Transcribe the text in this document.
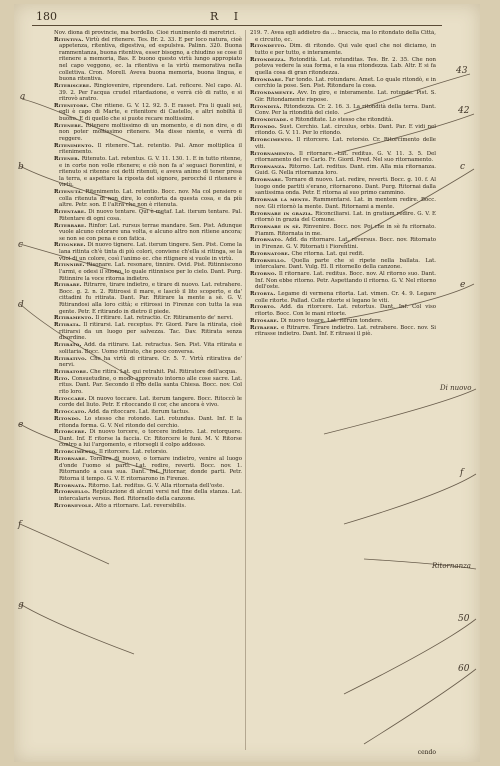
180	R I

Nov. diona di provincie, ma bordello. Cioè riunimento di meretrici.

Ritintiva. Virtù del ritenere. Tes. Br. 2. 33. E per loco natura, cioè appetenza, ritentiva, digestiva, ed espulsiva. Palinn. 320. Buona rammentanza, buona ritentiva, esser bisogno, a chiudino se cose il ritenere a memoria, Bas. E buono questo virtù lungo appropiato nel capo veggono, ec. la ritentiva e la virtù memorativa nella collettiva. Cron. Morell. Aveva buona memoria, buona lingua, e buona ritentiva.

Riteriscere. Ringiovenire, riprendere. Lat. reficere. Nel capo. Al. 39. 2. Per l'acqua crudel ritardazione, e verrà ciò di ratto, e si ritrovò aratro.

Ritenitore. Che ritiene. G. V. 12. 92. 5. E rasset. Fra li quali sei, egli è capo di Marte, e ritenitore di Castello, e altri nobiltà il buono. E di quello che si puote recare moltissimi.

Ritenere. Ritenere moltissimo di un momento, e di non dire, e di non poter moltissimo ritenere. Ma disse niente, e verrà di reggere.

Ritenimento. Il ritenere. Lat. retentio. Pal. Amor moltiplica il ritenimento.

Ritener. Ritenuto. Lat. retentus. G. V. 11. 130. 1. E in tutto ritenne, e in corte non volle ritenere; e ciò non fa a' seguaci fiorentini, e ritenuto si ritenne coi detti ritenuti, e aveva animo di tener presa la terra, e aspettare la riposta del signore, perocché il ritenere è virtù.

Ritenuta. Ritenimento. Lat. retentio. Bocc. nov. Ma col pensiero e colla ritenuta di non dire, lo conforta da questa cosa, e da più altre. Petr. son. E l'altra che non è ritenuta.

Ritentare. Di nuovo tentare. Qui è metaf. Lat. iterum tentare. Pal. Ritentare di ogni cosa.

Riterrare. Rinfor: Lat. rursus terrae mandare. Sen. Pist. Adunque vuole alcuno colorare una volta, e alcuno altro non ritiene ancora; se non se con pena e con fatica.

Ritignere. Di nuovo tignere. Lat. iterum tingere. Sen. Pist. Come la lana ritinta ch'è tinta di più colori, conviene ch'ella si ritinga, se la vuoi di un colore, così l'animo ec. che ritignere si vuole in virtù.

Ritinnire. Risonare. Lat. resonare, tinnire. Ovid. Pist. Ritinniscono l'armi, e odesi il suono, lo quale ritinnisce per lo cielo. Dant. Purg. Ritinnire la voce ritorna indietro.

Ritirare. Ritrarre, tirare indietro, e tirare di nuovo. Lat. retrahere. Bocc. g. 2. n. 2. Ritirossi il mare, e lasciò il lito scoperto, e da' cittadini fu ritirata. Dant. Par. Ritirare la mente a sè. G. V. Ritirandosi alla loro città; e ritirossi in Firenze con tutta la sua gente. Petr. E ritirando in dietro il piede.

Ritiramento. Il ritirare. Lat. retractio. Cr. Ritiramento de' nervi.

Ritirata. Il ritirarsi. Lat. receptus. Fr. Giord. Fare la ritirata, cioè ritirarsi da un luogo per salvezza. Tac. Dav. Ritirata senza disordine.

Ritirato. Add. da ritirare. Lat. retractus. Sen. Pist. Vita ritirata e solitaria. Bocc. Uomo ritirato, che poco conversa.

Ritirativo. Che ha virtù di ritirare. Cr. 5. 7. Virtù ritirativa de' nervi.

Ritiratore. Che ritira. Lat. qui retrahit. Pal. Ritiratore dell'acqua.

Rito. Consuetudine, o modo approvato intorno alle cose sacre. Lat. ritus. Dant. Par. Secondo il rito della santa Chiesa. Bocc. nov. Col rito loro.

Ritoccare. Di nuovo toccare. Lat. iterum tangere. Bocc. Ritoccò le corde del liuto. Petr. E ritoccando il cor, che ancora è vivo.

Ritoccato. Add. da ritoccare. Lat. iterum tactus.

Ritondo. Lo stesso che rotondo. Lat. rotundus. Dant. Inf. E la ritonda forma. G. V. Nel ritondo del cerchio.

Ritorcere. Di nuovo torcere, o torcere indietro. Lat. retorquere. Dant. Inf. E ritorse la faccia. Cr. Ritorcere le funi. M. V. Ritorse contro a lui l'argomento, e ritorsegli il colpo addosso.

Ritorcimento. Il ritorcere. Lat. retorsio.

Ritornare. Tornare di nuovo, o tornare indietro, venire al luogo d'onde l'uomo si partì. Lat. redire, reverti. Bocc. nov. 1. Ritornando a casa sua. Dant. Inf. Ritornar, donde parti. Petr. Ritorna il tempo. G. V. E ritornarono in Firenze.

Ritornata. Ritorno. Lat. reditus. G. V. Alla ritornata dell'oste.

Ritornello. Replicazione di alcuni versi nel fine della stanza. Lat. intercalaris versus. Red. Ritornello della canzone.

Ritornevole. Atto a ritornare. Lat. reversibilis.

219. 7. Avea egli addietro da ... braccia, ma lo ritondato della Città, e circuito, ec.

Ritondetto. Dim. di ritondo. Qui vale quel che noi diciamo, in tutto e per tutto, e interamente.

Ritondezza. Rotondità. Lat. rotunditas. Tes. Br. 2. 35. Che non poteva vedere la sua forma, e la sua ritondezza. Lab. Altr. E si fa quella cosa di gran ritondezza.

Ritondare. Far tondo. Lat. rotundare. Amet. Lo quale ritondò, e in cerchio la pose. Sen. Pist. Ritondare la cosa.

Ritondamente. Avv. In giro, e interamente. Lat. rotunde. Pist. S. Gir. Ritondamente rispose.

Ritondità. Ritondezza. Cr. 2. 16. 3. La ritondità della terra. Dant. Conv. Per la ritondità del cielo.

Ritonditade. e Ritonditate. Lo stesso che ritondità.

Ritondo. Sust. Cerchio. Lat. circulus, orbis. Dant. Par. E vidi nel ritondo. G. V. 11. Per lo ritondo.

Ritorcimento. Il ritorcere. Lat. retorsio. Cr. Ritorcimento delle viti.

Ritornamento. Il ritornare. Lat. reditus. G. V. 11. 3. 5. Del ritornamento del re Carlo. Fr. Giord. Pred. Nel suo ritornamento.

Ritornanza. Ritorno. Lat. reditus. Dant. rim. Alla mia ritornanza. Guid. G. Nella ritornanza loro.

Ritornare. Tornare di nuovo. Lat. redire, reverti. Bocc. g. 10. f. Al luogo onde partiti s'erano, ritornarono. Dant. Purg. Ritornai dalla santissima onda. Petr. E ritorna al suo primo cammino.

Ritornar la mente. Rammentarsi. Lat. in mentem redire. Bocc. nov. Gli ritornò la mente. Dant. Ritornami a mente.

Ritornare in grazia. Riconciliarsi. Lat. in gratiam redire. G. V. E ritornò in grazia del Comune.

Ritornare in sè. Rinvenire. Bocc. nov. Poi che in sè fu ritornato. Fiamm. Ritornata in me.

Ritornato. Add. da ritornare. Lat. reversus. Bocc. nov. Ritornato in Firenze. G. V. Ritornati i Fiorentini.

Ritornatore. Che ritorna. Lat. qui redit.

Ritornello. Quella parte che si ripete nella ballata. Lat. intercalare. Dant. Vulg. El. Il ritornello della canzone.

Ritorno. Il ritornare. Lat. reditus. Bocc. nov. Al ritorno suo. Dant. Inf. Non ebbe ritorno. Petr. Aspettando il ritorno. G. V. Nel ritorno dell'oste.

Ritorta. Legame di vermena ritorta. Lat. vimen. Cr. 4. 9. Legare colle ritorte. Pallad. Colle ritorte si legano le viti.

Ritorto. Add. da ritorcere. Lat. retortus. Dant. Inf. Col viso ritorto. Bocc. Con le mani ritorte.

Ritosare. Di nuovo tosare. Lat. iterum tondere.

Ritraere. e Ritrarre. Tirare indietro. Lat. retrahere. Bocc. nov. Si ritrasse indietro. Dant. Inf. E ritrassi il piè.

a
b
c
d
e
f
g
43
42
c
e
Di nuovo
f
Ritornanza
50
60
cendo
